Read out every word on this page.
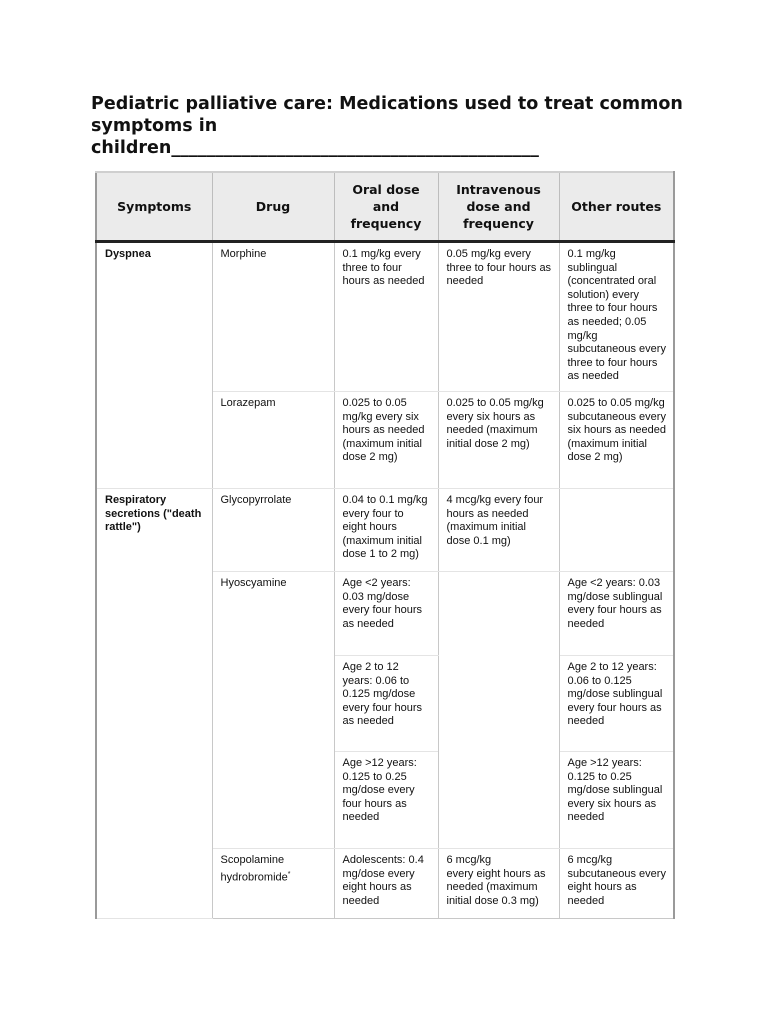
Pediatric palliative care: Medications used to treat common
symptoms in
children__________________________________________
Symptoms	Drug	Oral dose and frequency	Intravenous dose and frequency	Other routes
Dyspnea	Morphine	0.1 mg/kg every three to four hours as needed	0.05 mg/kg every three to four hours as needed	0.1 mg/kg sublingual (concentrated oral solution) every three to four hours as needed; 0.05 mg/kg subcutaneous every three to four hours as needed
	Lorazepam	0.025 to 0.05 mg/kg every six hours as needed (maximum initial dose 2 mg)	0.025 to 0.05 mg/kg every six hours as needed (maximum initial dose 2 mg)	0.025 to 0.05 mg/kg subcutaneous every six hours as needed (maximum initial dose 2 mg)
Respiratory secretions ("death rattle")	Glycopyrrolate	0.04 to 0.1 mg/kg every four to eight hours (maximum initial dose 1 to 2 mg)	4 mcg/kg every four hours as needed (maximum initial dose 0.1 mg)	
	Hyoscyamine	Age <2 years: 0.03 mg/dose every four hours as needed		Age <2 years: 0.03 mg/dose sublingual every four hours as needed
		Age 2 to 12 years: 0.06 to 0.125 mg/dose every four hours as needed		Age 2 to 12 years: 0.06 to 0.125 mg/dose sublingual every four hours as needed
		Age >12 years: 0.125 to 0.25 mg/dose every four hours as needed		Age >12 years: 0.125 to 0.25 mg/dose sublingual every six hours as needed
	Scopolamine hydrobromide*	Adolescents: 0.4 mg/dose every eight hours as needed	6 mcg/kg
every eight hours as needed (maximum initial dose 0.3 mg)	6 mcg/kg subcutaneous every eight hours as needed
